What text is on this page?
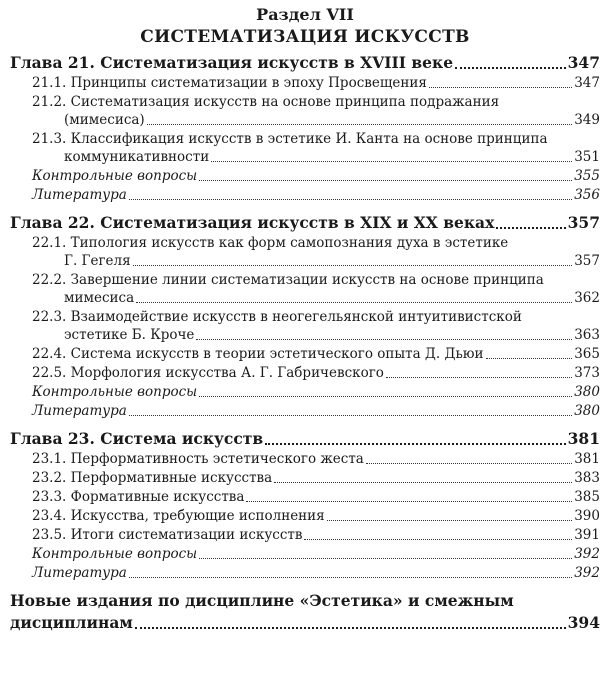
Раздел VII
СИСТЕМАТИЗАЦИЯ ИСКУССТВ
Глава 21. Систематизация искусств в XVIII веке	347
21.1. Принципы систематизации в эпоху Просвещения	347
21.2. Систематизация искусств на основе принципа подражания
(мимесиса)	349
21.3. Классификация искусств в эстетике И. Канта на основе принципа
коммуникативности	351
Контрольные вопросы	355
Литература	356
Глава 22. Систематизация искусств в XIX и XX веках	357
22.1. Типология искусств как форм самопознания духа в эстетике
Г. Гегеля	357
22.2. Завершение линии систематизации искусств на основе принципа
мимесиса	362
22.3. Взаимодействие искусств в неогегельянской интуитивистской
эстетике Б. Кроче	363
22.4. Система искусств в теории эстетического опыта Д. Дьюи	365
22.5. Морфология искусства А. Г. Габричевского	373
Контрольные вопросы	380
Литература	380
Глава 23. Система искусств	381
23.1. Перформативность эстетического жеста	381
23.2. Перформативные искусства	383
23.3. Формативные искусства	385
23.4. Искусства, требующие исполнения	390
23.5. Итоги систематизации искусств	391
Контрольные вопросы	392
Литература	392
Новые издания по дисциплине «Эстетика» и смежным
дисциплинам	394
